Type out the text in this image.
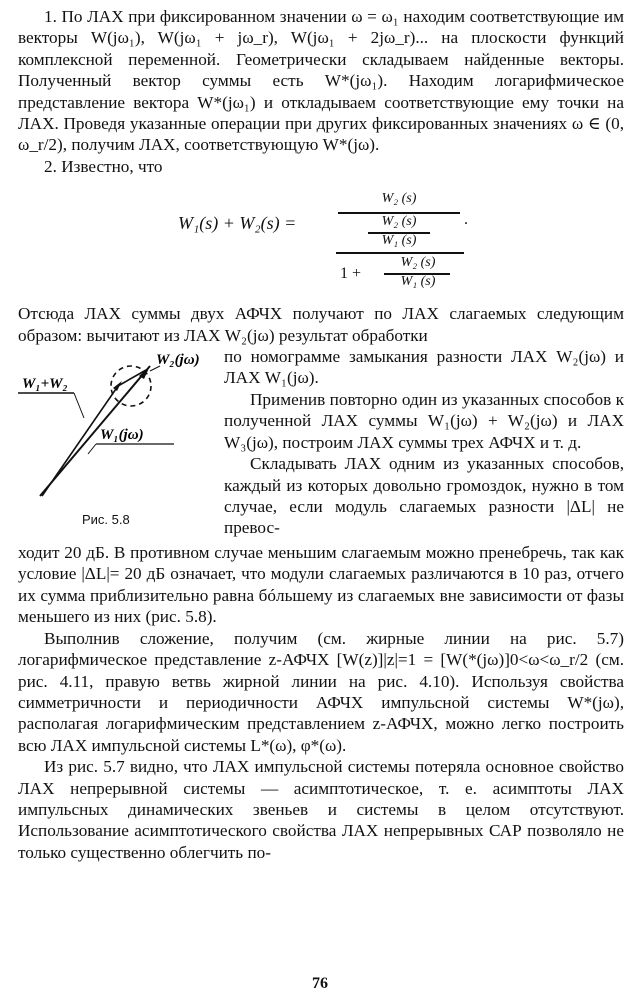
1. По ЛАХ при фиксированном значении ω = ω₁ находим соответствующие им векторы W(jω₁), W(jω₁ + jω_r), W(jω₁ + 2jω_r)... на плоскости функций комплексной переменной. Геометрически складываем найденные векторы. Полученный вектор суммы есть W*(jω₁). Находим логарифмическое представление вектора W*(jω₁) и откладываем соответствующие ему точки на ЛАХ. Проведя указанные операции при других фиксированных значениях ω ∈ (0, ω_r/2), получим ЛАХ, соответствующую W*(jω).

2. Известно, что

W₁(s) + W₂(s) =
W₂ (s)
W₂ (s)
W₁ (s)
1 +
W₂ (s)
W₁ (s)
.

Отсюда ЛАХ суммы двух АФЧХ получают по ЛАХ слагаемых следующим образом: вычитают из ЛАХ W₂(jω) результат обработки

W₁+W₂
W₂(jω)
W₁(jω)
Рис. 5.8

по номограмме замыкания разности ЛАХ W₂(jω) и ЛАХ W₁(jω).

Применив повторно один из указанных способов к полученной ЛАХ суммы W₁(jω) + W₂(jω) и ЛАХ W₃(jω), построим ЛАХ суммы трех АФЧХ и т. д.

Складывать ЛАХ одним из указанных способов, каждый из которых довольно громоздок, нужно в том случае, если модуль слагаемых разности |ΔL| не превос-

ходит 20 дБ. В противном случае меньшим слагаемым можно пренебречь, так как условие |ΔL|= 20 дБ означает, что модули слагаемых различаются в 10 раз, отчего их сумма приблизительно равна бóльшему из слагаемых вне зависимости от фазы меньшего из них (рис. 5.8).

Выполнив сложение, получим (см. жирные линии на рис. 5.7) логарифмическое представление z-АФЧХ [W(z)]|z|=1 = [W(*(jω)]0<ω<ω_r/2 (см. рис. 4.11, правую ветвь жирной линии на рис. 4.10). Используя свойства симметричности и периодичности АФЧХ импульсной системы W*(jω), располагая логарифмическим представлением z-АФЧХ, можно легко построить всю ЛАХ импульсной системы L*(ω), φ*(ω).

Из рис. 5.7 видно, что ЛАХ импульсной системы потеряла основное свойство ЛАХ непрерывной системы — асимптотическое, т. е. асимптоты ЛАХ импульсных динамических звеньев и системы в целом отсутствуют. Использование асимптотического свойства ЛАХ непрерывных САР позволяло не только существенно облегчить по-

76
